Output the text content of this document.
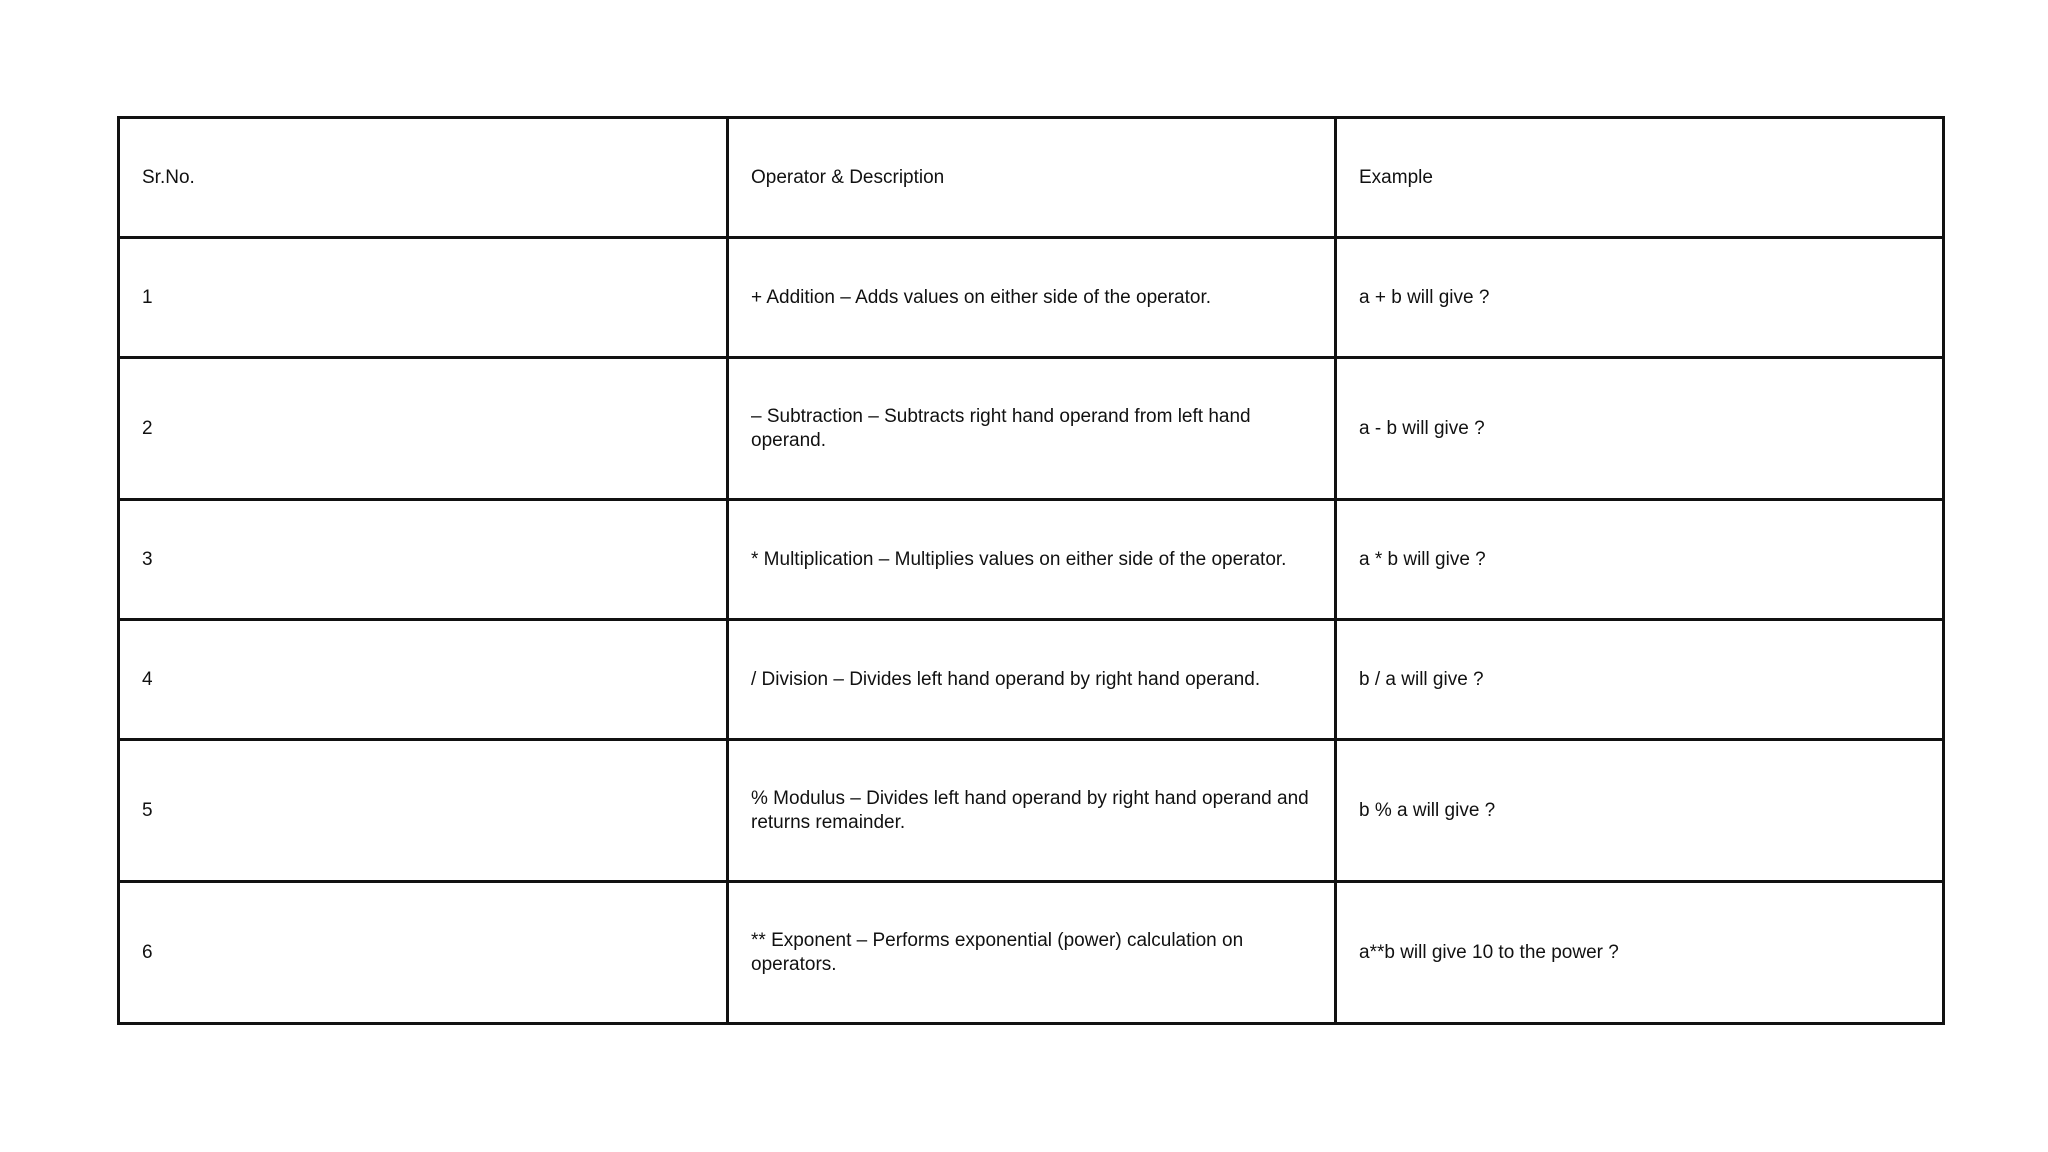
Sr.No.	Operator & Description	Example

1	+ Addition – Adds values on either side of the operator.	a + b will give ?

2	– Subtraction – Subtracts right hand operand from left hand operand.	a - b will give ?

3	* Multiplication – Multiplies values on either side of the operator.	a * b will give ?

4	/ Division – Divides left hand operand by right hand operand.	b / a will give ?

5	% Modulus – Divides left hand operand by right hand operand and returns remainder.	b % a will give ?

6	** Exponent – Performs exponential (power) calculation on operators.	a**b will give 10 to the power ?
